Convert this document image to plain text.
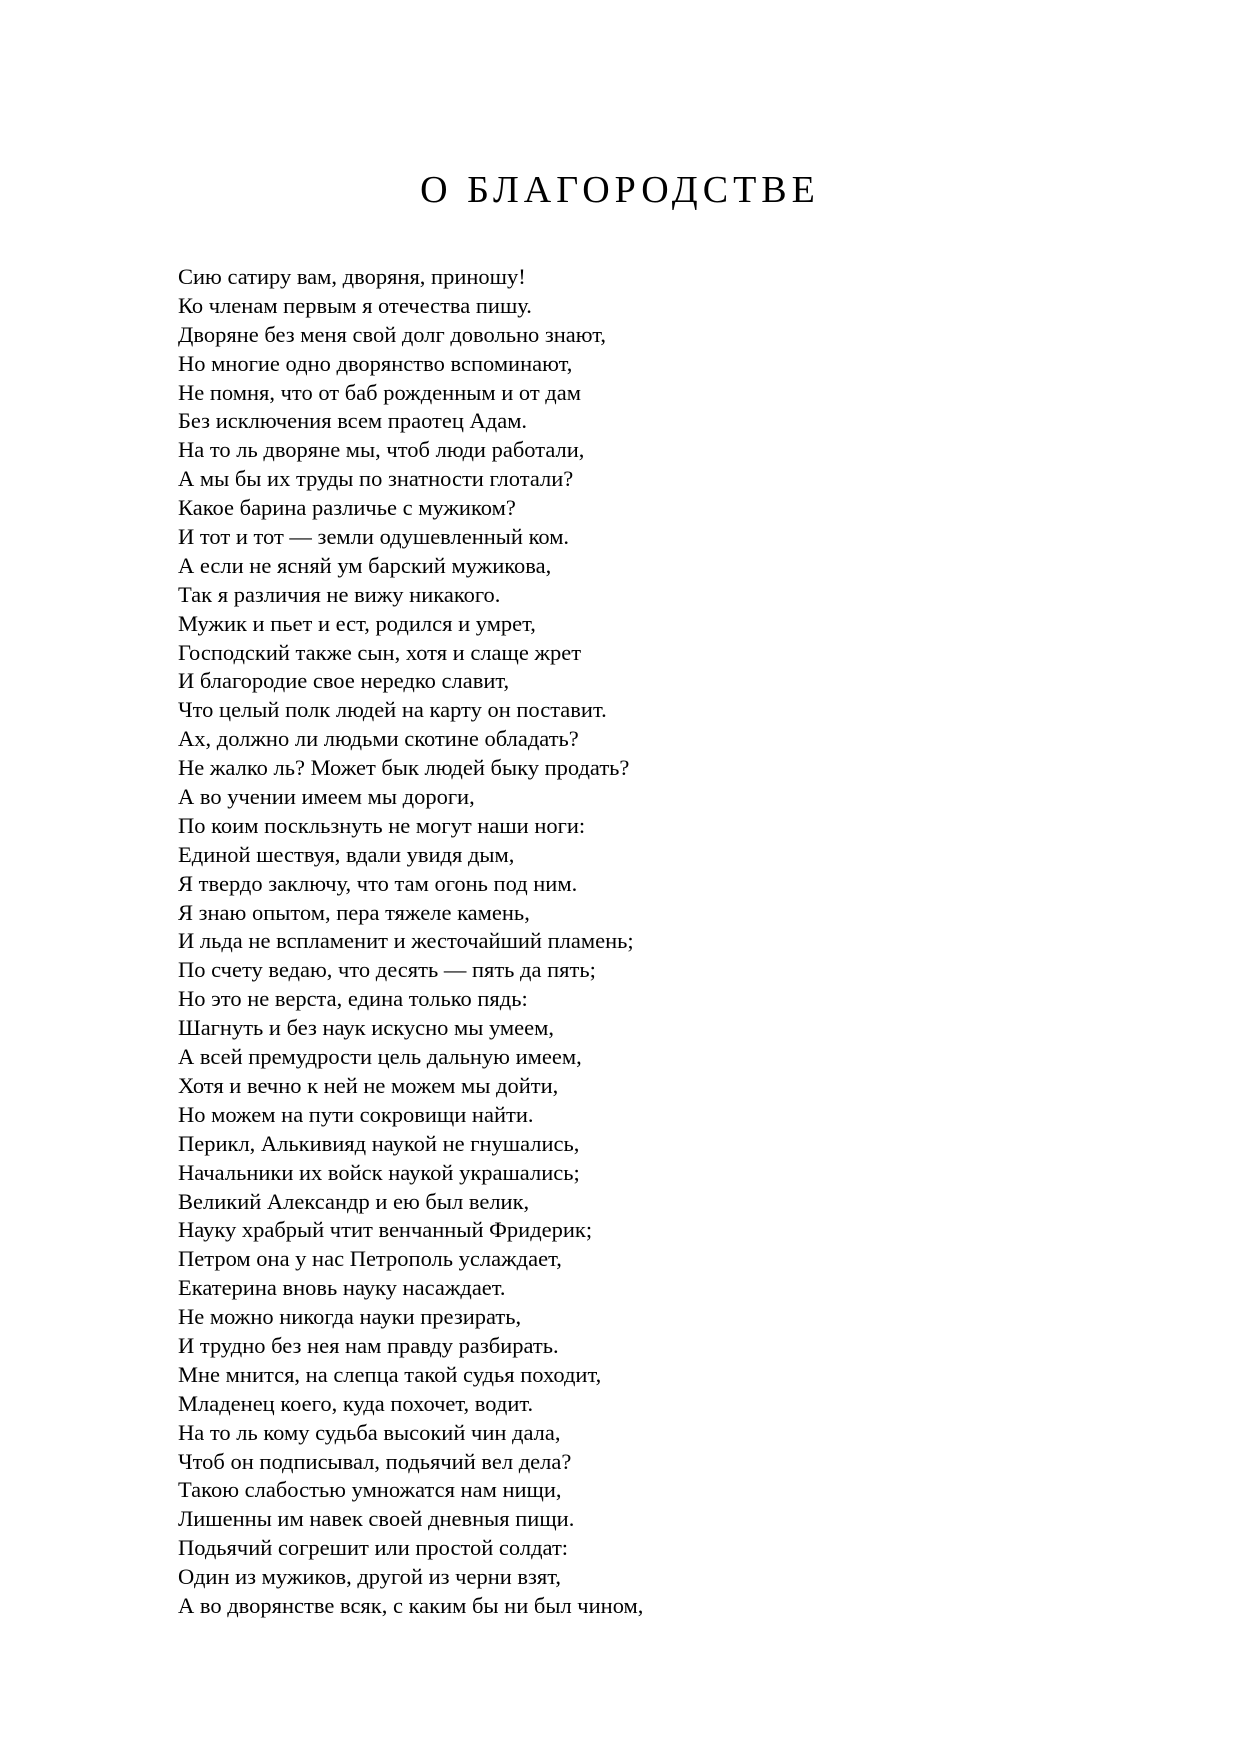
О БЛАГОРОДСТВЕ
Сию сатиру вам, дворяня, приношу!
Ко членам первым я отечества пишу.
Дворяне без меня свой долг довольно знают,
Но многие одно дворянство вспоминают,
Не помня, что от баб рожденным и от дам
Без исключения всем праотец Адам.
На то ль дворяне мы, чтоб люди работали,
А мы бы их труды по знатности глотали?
Какое барина различье с мужиком?
И тот и тот — земли одушевленный ком.
А если не ясняй ум барский мужикова,
Так я различия не вижу никакого.
Мужик и пьет и ест, родился и умрет,
Господский также сын, хотя и слаще жрет
И благородие свое нередко славит,
Что целый полк людей на карту он поставит.
Ах, должно ли людьми скотине обладать?
Не жалко ль? Может бык людей быку продать?
А во учении имеем мы дороги,
По коим поскльзнуть не могут наши ноги:
Единой шествуя, вдали увидя дым,
Я твердо заключу, что там огонь под ним.
Я знаю опытом, пера тяжеле камень,
И льда не вспламенит и жесточайший пламень;
По счету ведаю, что десять — пять да пять;
Но это не верста, едина только пядь:
Шагнуть и без наук искусно мы умеем,
А всей премудрости цель дальную имеем,
Хотя и вечно к ней не можем мы дойти,
Но можем на пути сокровищи найти.
Перикл, Алькивияд наукой не гнушались,
Начальники их войск наукой украшались;
Великий Александр и ею был велик,
Науку храбрый чтит венчанный Фридерик;
Петром она у нас Петрополь услаждает,
Екатерина вновь науку насаждает.
Не можно никогда науки презирать,
И трудно без нея нам правду разбирать.
Мне мнится, на слепца такой судья походит,
Младенец коего, куда похочет, водит.
На то ль кому судьба высокий чин дала,
Чтоб он подписывал, подьячий вел дела?
Такою слабостью умножатся нам нищи,
Лишенны им навек своей дневныя пищи.
Подьячий согрешит или простой солдат:
Один из мужиков, другой из черни взят,
А во дворянстве всяк, с каким бы ни был чином,
